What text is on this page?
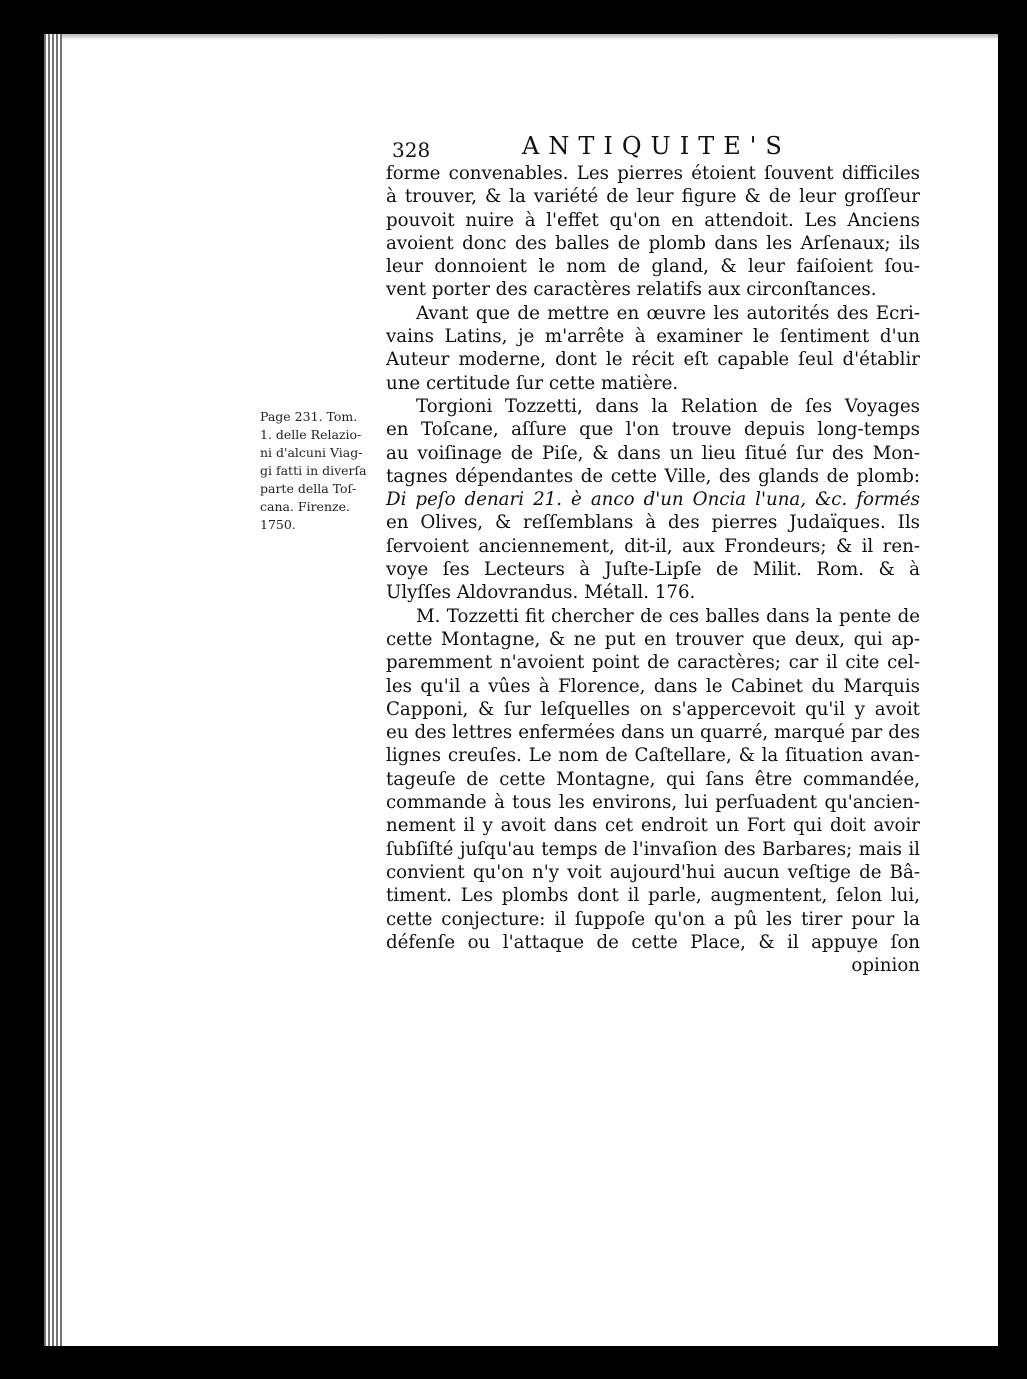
328	ANTIQUITE'S
Page 231. Tom.
1. delle Relazio-
ni d'alcuni Viag-
gi fatti in diverſa
parte della Toſ-
cana. Firenze.
1750.
forme convenables. Les pierres étoient ſouvent difficiles
à trouver, & la variété de leur figure & de leur groſſeur
pouvoit nuire à l'effet qu'on en attendoit. Les Anciens
avoient donc des balles de plomb dans les Arſenaux; ils
leur donnoient le nom de gland, & leur faiſoient ſou-
vent porter des caractères relatifs aux circonſtances.
Avant que de mettre en œuvre les autorités des Ecri-
vains Latins, je m'arrête à examiner le ſentiment d'un
Auteur moderne, dont le récit eſt capable ſeul d'établir
une certitude ſur cette matière.
Torgioni Tozzetti, dans la Relation de ſes Voyages
en Toſcane, aſſure que l'on trouve depuis long-temps
au voiſinage de Piſe, & dans un lieu ſitué ſur des Mon-
tagnes dépendantes de cette Ville, des glands de plomb:
Di peſo denari 21. è anco d'un Oncia l'una, &c. formés
en Olives, & reſſemblans à des pierres Judaïques. Ils
ſervoient anciennement, dit-il, aux Frondeurs; & il ren-
voye ſes Lecteurs à Juſte-Lipſe de Milit. Rom. & à
Ulyſſes Aldovrandus. Métall. 176.
M. Tozzetti fit chercher de ces balles dans la pente de
cette Montagne, & ne put en trouver que deux, qui ap-
paremment n'avoient point de caractères; car il cite cel-
les qu'il a vûes à Florence, dans le Cabinet du Marquis
Capponi, & ſur leſquelles on s'appercevoit qu'il y avoit
eu des lettres enfermées dans un quarré, marqué par des
lignes creuſes. Le nom de Caſtellare, & la ſituation avan-
tageuſe de cette Montagne, qui ſans être commandée,
commande à tous les environs, lui perſuadent qu'ancien-
nement il y avoit dans cet endroit un Fort qui doit avoir
ſubſiſté juſqu'au temps de l'invaſion des Barbares; mais il
convient qu'on n'y voit aujourd'hui aucun veſtige de Bâ-
timent. Les plombs dont il parle, augmentent, ſelon lui,
cette conjecture: il ſuppoſe qu'on a pû les tirer pour la
défenſe ou l'attaque de cette Place, & il appuye ſon
opinion
